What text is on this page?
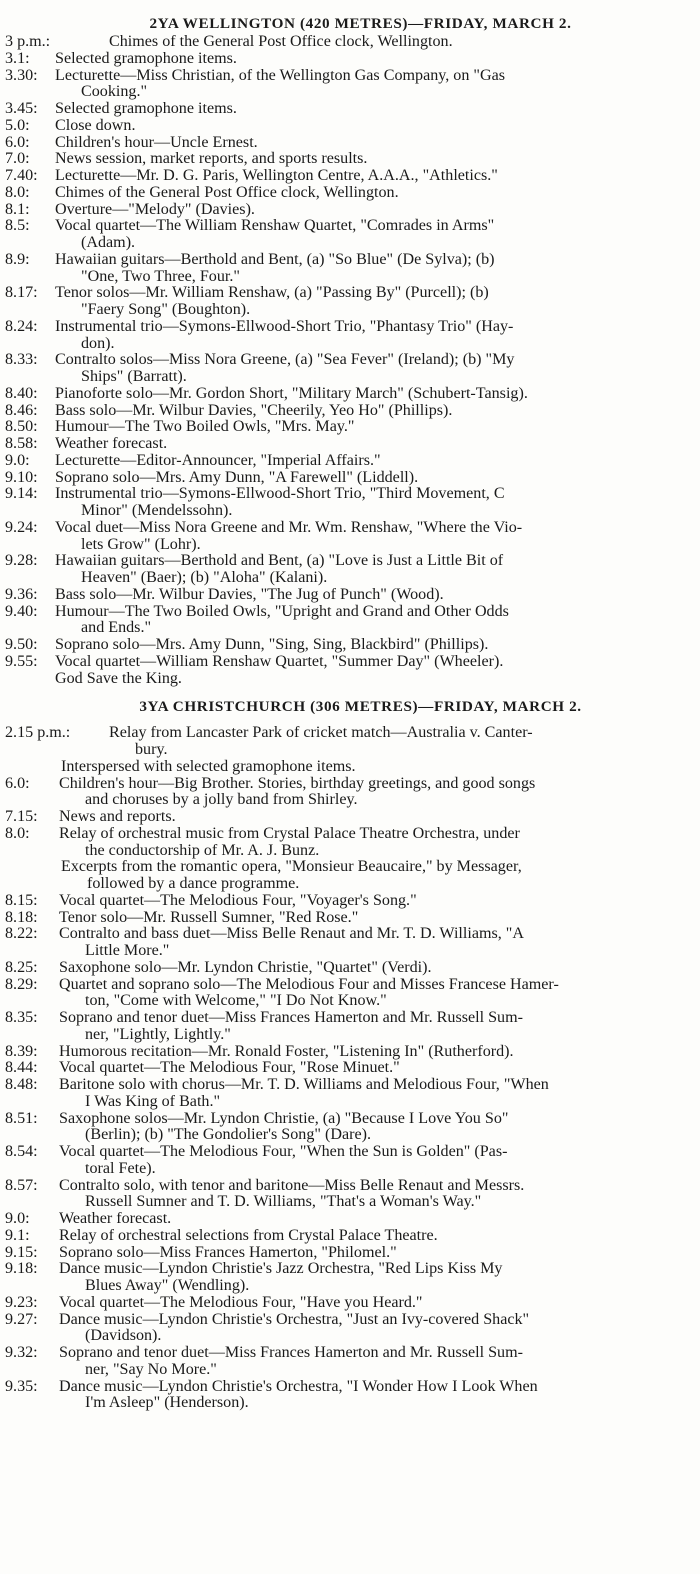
2YA WELLINGTON (420 METRES)—FRIDAY, MARCH 2.
3 p.m.:	Chimes of the General Post Office clock, Wellington.
3.1:	Selected gramophone items.
3.30:	Lecturette—Miss Christian, of the Wellington Gas Company, on "Gas
Cooking."
3.45:	Selected gramophone items.
5.0:	Close down.
6.0:	Children's hour—Uncle Ernest.
7.0:	News session, market reports, and sports results.
7.40:	Lecturette—Mr. D. G. Paris, Wellington Centre, A.A.A., "Athletics."
8.0:	Chimes of the General Post Office clock, Wellington.
8.1:	Overture—"Melody" (Davies).
8.5:	Vocal quartet—The William Renshaw Quartet, "Comrades in Arms"
(Adam).
8.9:	Hawaiian guitars—Berthold and Bent, (a) "So Blue" (De Sylva); (b)
"One, Two Three, Four."
8.17:	Tenor solos—Mr. William Renshaw, (a) "Passing By" (Purcell); (b)
"Faery Song" (Boughton).
8.24:	Instrumental trio—Symons-Ellwood-Short Trio, "Phantasy Trio" (Hay-
don).
8.33:	Contralto solos—Miss Nora Greene, (a) "Sea Fever" (Ireland); (b) "My
Ships" (Barratt).
8.40:	Pianoforte solo—Mr. Gordon Short, "Military March" (Schubert-Tansig).
8.46:	Bass solo—Mr. Wilbur Davies, "Cheerily, Yeo Ho" (Phillips).
8.50:	Humour—The Two Boiled Owls, "Mrs. May."
8.58:	Weather forecast.
9.0:	Lecturette—Editor-Announcer, "Imperial Affairs."
9.10:	Soprano solo—Mrs. Amy Dunn, "A Farewell" (Liddell).
9.14:	Instrumental trio—Symons-Ellwood-Short Trio, "Third Movement, C
Minor" (Mendelssohn).
9.24:	Vocal duet—Miss Nora Greene and Mr. Wm. Renshaw, "Where the Vio-
lets Grow" (Lohr).
9.28:	Hawaiian guitars—Berthold and Bent, (a) "Love is Just a Little Bit of
Heaven" (Baer); (b) "Aloha" (Kalani).
9.36:	Bass solo—Mr. Wilbur Davies, "The Jug of Punch" (Wood).
9.40:	Humour—The Two Boiled Owls, "Upright and Grand and Other Odds
and Ends."
9.50:	Soprano solo—Mrs. Amy Dunn, "Sing, Sing, Blackbird" (Phillips).
9.55:	Vocal quartet—William Renshaw Quartet, "Summer Day" (Wheeler).
God Save the King.
3YA CHRISTCHURCH (306 METRES)—FRIDAY, MARCH 2.
2.15 p.m.:	Relay from Lancaster Park of cricket match—Australia v. Canter-
bury.
Interspersed with selected gramophone items.
6.0:	Children's hour—Big Brother. Stories, birthday greetings, and good songs
and choruses by a jolly band from Shirley.
7.15:	News and reports.
8.0:	Relay of orchestral music from Crystal Palace Theatre Orchestra, under
the conductorship of Mr. A. J. Bunz.
Excerpts from the romantic opera, "Monsieur Beaucaire," by Messager,
followed by a dance programme.
8.15:	Vocal quartet—The Melodious Four, "Voyager's Song."
8.18:	Tenor solo—Mr. Russell Sumner, "Red Rose."
8.22:	Contralto and bass duet—Miss Belle Renaut and Mr. T. D. Williams, "A
Little More."
8.25:	Saxophone solo—Mr. Lyndon Christie, "Quartet" (Verdi).
8.29:	Quartet and soprano solo—The Melodious Four and Misses Francese Hamer-
ton, "Come with Welcome," "I Do Not Know."
8.35:	Soprano and tenor duet—Miss Frances Hamerton and Mr. Russell Sum-
ner, "Lightly, Lightly."
8.39:	Humorous recitation—Mr. Ronald Foster, "Listening In" (Rutherford).
8.44:	Vocal quartet—The Melodious Four, "Rose Minuet."
8.48:	Baritone solo with chorus—Mr. T. D. Williams and Melodious Four, "When
I Was King of Bath."
8.51:	Saxophone solos—Mr. Lyndon Christie, (a) "Because I Love You So"
(Berlin); (b) "The Gondolier's Song" (Dare).
8.54:	Vocal quartet—The Melodious Four, "When the Sun is Golden" (Pas-
toral Fete).
8.57:	Contralto solo, with tenor and baritone—Miss Belle Renaut and Messrs.
Russell Sumner and T. D. Williams, "That's a Woman's Way."
9.0:	Weather forecast.
9.1:	Relay of orchestral selections from Crystal Palace Theatre.
9.15:	Soprano solo—Miss Frances Hamerton, "Philomel."
9.18:	Dance music—Lyndon Christie's Jazz Orchestra, "Red Lips Kiss My
Blues Away" (Wendling).
9.23:	Vocal quartet—The Melodious Four, "Have you Heard."
9.27:	Dance music—Lyndon Christie's Orchestra, "Just an Ivy-covered Shack"
(Davidson).
9.32:	Soprano and tenor duet—Miss Frances Hamerton and Mr. Russell Sum-
ner, "Say No More."
9.35:	Dance music—Lyndon Christie's Orchestra, "I Wonder How I Look When
I'm Asleep" (Henderson).
